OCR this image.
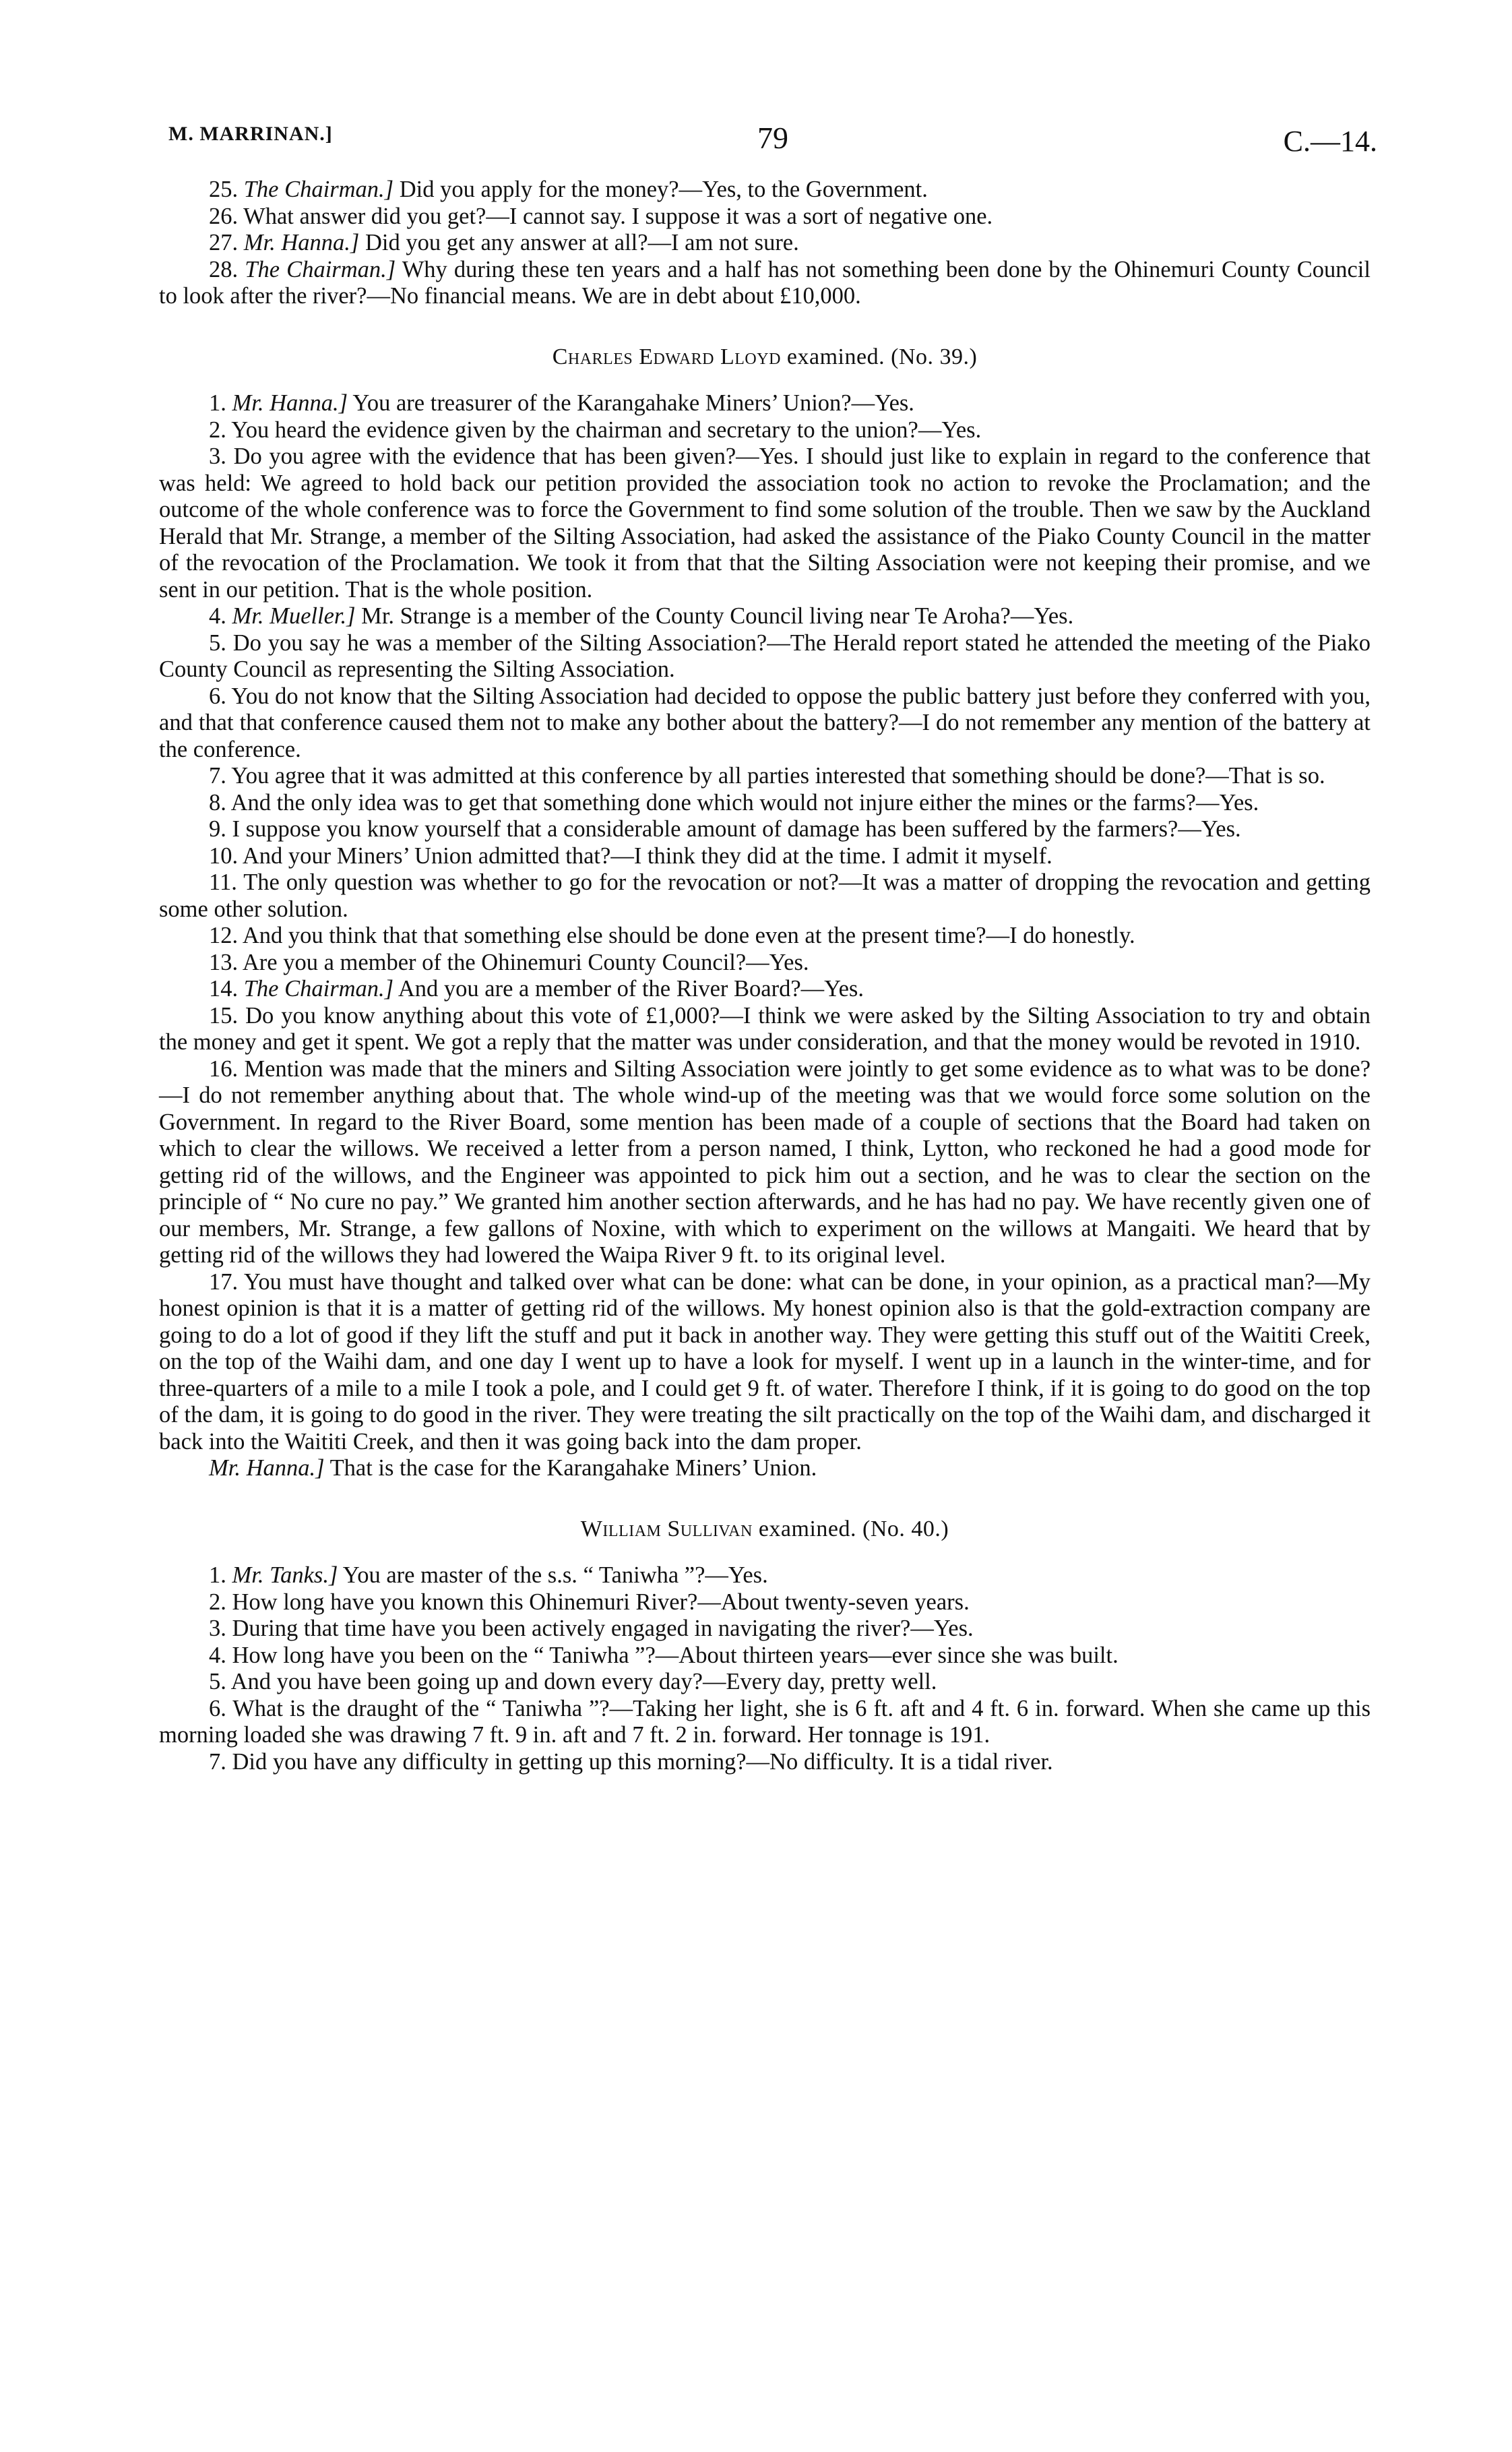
M. MARRINAN.]	79	C.—14.

25. The Chairman.] Did you apply for the money?—Yes, to the Government.

26. What answer did you get?—I cannot say. I suppose it was a sort of negative one.

27. Mr. Hanna.] Did you get any answer at all?—I am not sure.

28. The Chairman.] Why during these ten years and a half has not something been done by the Ohinemuri County Council to look after the river?—No financial means. We are in debt about £10,000.

Charles Edward Lloyd examined. (No. 39.)

1. Mr. Hanna.] You are treasurer of the Karangahake Miners’ Union?—Yes.

2. You heard the evidence given by the chairman and secretary to the union?—Yes.

3. Do you agree with the evidence that has been given?—Yes. I should just like to explain in regard to the conference that was held: We agreed to hold back our petition provided the association took no action to revoke the Proclamation; and the outcome of the whole conference was to force the Government to find some solution of the trouble. Then we saw by the Auckland Herald that Mr. Strange, a member of the Silting Association, had asked the assistance of the Piako County Council in the matter of the revocation of the Proclamation. We took it from that that the Silting Association were not keeping their promise, and we sent in our petition. That is the whole position.

4. Mr. Mueller.] Mr. Strange is a member of the County Council living near Te Aroha?—Yes.

5. Do you say he was a member of the Silting Association?—The Herald report stated he attended the meeting of the Piako County Council as representing the Silting Association.

6. You do not know that the Silting Association had decided to oppose the public battery just before they conferred with you, and that that conference caused them not to make any bother about the battery?—I do not remember any mention of the battery at the conference.

7. You agree that it was admitted at this conference by all parties interested that something should be done?—That is so.

8. And the only idea was to get that something done which would not injure either the mines or the farms?—Yes.

9. I suppose you know yourself that a considerable amount of damage has been suffered by the farmers?—Yes.

10. And your Miners’ Union admitted that?—I think they did at the time. I admit it myself.

11. The only question was whether to go for the revocation or not?—It was a matter of dropping the revocation and getting some other solution.

12. And you think that that something else should be done even at the present time?—I do honestly.

13. Are you a member of the Ohinemuri County Council?—Yes.

14. The Chairman.] And you are a member of the River Board?—Yes.

15. Do you know anything about this vote of £1,000?—I think we were asked by the Silting Association to try and obtain the money and get it spent. We got a reply that the matter was under consideration, and that the money would be revoted in 1910.

16. Mention was made that the miners and Silting Association were jointly to get some evidence as to what was to be done?—I do not remember anything about that. The whole wind-up of the meeting was that we would force some solution on the Government. In regard to the River Board, some mention has been made of a couple of sections that the Board had taken on which to clear the willows. We received a letter from a person named, I think, Lytton, who reckoned he had a good mode for getting rid of the willows, and the Engineer was appointed to pick him out a section, and he was to clear the section on the principle of “ No cure no pay.” We granted him another section afterwards, and he has had no pay. We have recently given one of our members, Mr. Strange, a few gallons of Noxine, with which to experiment on the willows at Mangaiti. We heard that by getting rid of the willows they had lowered the Waipa River 9 ft. to its original level.

17. You must have thought and talked over what can be done: what can be done, in your opinion, as a practical man?—My honest opinion is that it is a matter of getting rid of the willows. My honest opinion also is that the gold-extraction company are going to do a lot of good if they lift the stuff and put it back in another way. They were getting this stuff out of the Waititi Creek, on the top of the Waihi dam, and one day I went up to have a look for myself. I went up in a launch in the winter-time, and for three-quarters of a mile to a mile I took a pole, and I could get 9 ft. of water. Therefore I think, if it is going to do good on the top of the dam, it is going to do good in the river. They were treating the silt practically on the top of the Waihi dam, and discharged it back into the Waititi Creek, and then it was going back into the dam proper.

Mr. Hanna.] That is the case for the Karangahake Miners’ Union.

William Sullivan examined. (No. 40.)

1. Mr. Tanks.] You are master of the s.s. “ Taniwha ”?—Yes.

2. How long have you known this Ohinemuri River?—About twenty-seven years.

3. During that time have you been actively engaged in navigating the river?—Yes.

4. How long have you been on the “ Taniwha ”?—About thirteen years—ever since she was built.

5. And you have been going up and down every day?—Every day, pretty well.

6. What is the draught of the “ Taniwha ”?—Taking her light, she is 6 ft. aft and 4 ft. 6 in. forward. When she came up this morning loaded she was drawing 7 ft. 9 in. aft and 7 ft. 2 in. forward. Her tonnage is 191.

7. Did you have any difficulty in getting up this morning?—No difficulty. It is a tidal river.
